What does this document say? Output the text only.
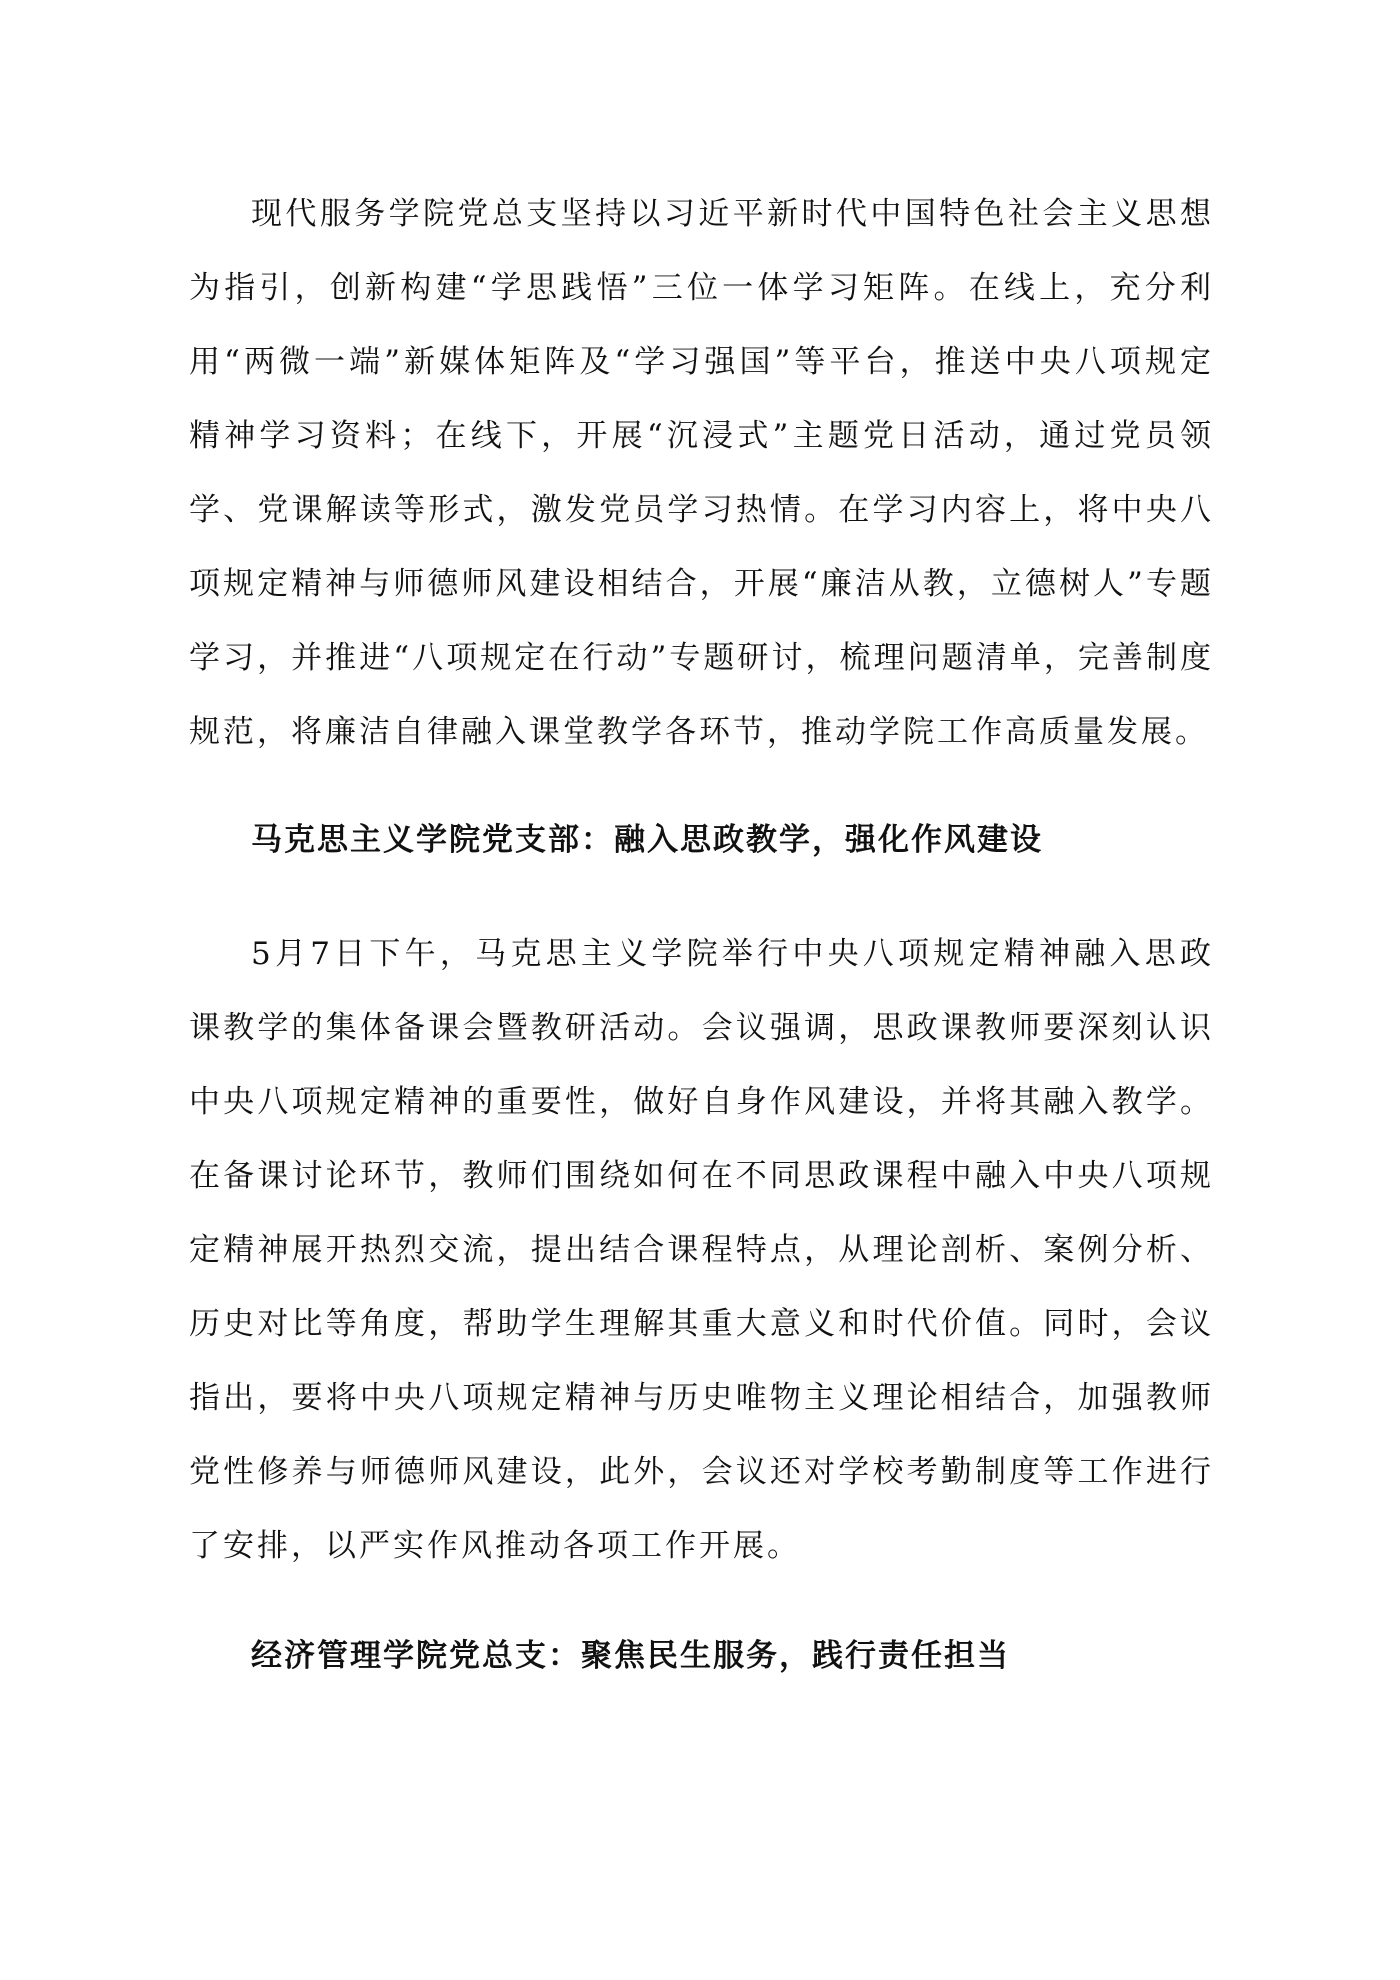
现代服务学院党总支坚持以习近平新时代中国特色社会主义思想为指引，创新构建“学思践悟”三位一体学习矩阵。在线上，充分利用“两微一端”新媒体矩阵及“学习强国”等平台，推送中央八项规定精神学习资料；在线下，开展“沉浸式”主题党日活动，通过党员领学、党课解读等形式，激发党员学习热情。在学习内容上，将中央八项规定精神与师德师风建设相结合，开展“廉洁从教，立德树人”专题学习，并推进“八项规定在行动”专题研讨，梳理问题清单，完善制度规范，将廉洁自律融入课堂教学各环节，推动学院工作高质量发展。

马克思主义学院党支部：融入思政教学，强化作风建设

5月7日下午，马克思主义学院举行中央八项规定精神融入思政课教学的集体备课会暨教研活动。会议强调，思政课教师要深刻认识中央八项规定精神的重要性，做好自身作风建设，并将其融入教学。在备课讨论环节，教师们围绕如何在不同思政课程中融入中央八项规定精神展开热烈交流，提出结合课程特点，从理论剖析、案例分析、历史对比等角度，帮助学生理解其重大意义和时代价值。同时，会议指出，要将中央八项规定精神与历史唯物主义理论相结合，加强教师党性修养与师德师风建设，此外，会议还对学校考勤制度等工作进行了安排，以严实作风推动各项工作开展。

经济管理学院党总支：聚焦民生服务，践行责任担当
